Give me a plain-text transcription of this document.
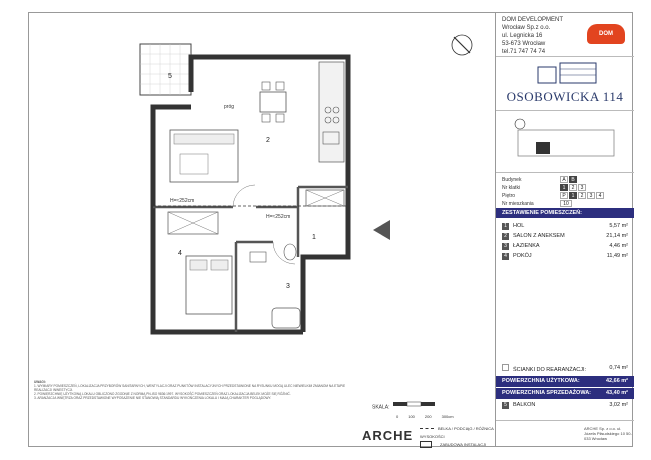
5
2
1
3
4
próg
H=≈252cm
H=≈252cm
UWAGI:
1. WYMIARY POMIESZCZEŃ, LOKALIZACJA PRZYBORÓW SANITARNYCH, WENTYLACJI ORAZ PUNKTÓW INSTALACYJNYCH PRZEDSTAWIONE NA RYSUNKU MOGĄ ULEC NIEWIELKIM ZMIANOM NA ETAPIE REALIZACJI INWESTYCJI.
2. POWIERZCHNIĘ UŻYTKOWĄ LOKALU OBLICZONO ZGODNIE Z NORMĄ PN-ISO 9836:1997. WYSOKOŚĆ POMIESZCZEŃ ORAZ LOKALIZACJA BELEK MOŻE SIĘ RÓŻNIĆ.
3. ARANŻACJA WNĘTRZA ORAZ PRZEDSTAWIONE WYPOSAŻENIE NIE STANOWIĄ STANDARDU WYKOŃCZENIA LOKALU I MAJĄ CHARAKTER POGLĄDOWY.
SKALA:
0	100	200	300cm
BELKA / PODCIĄG / RÓŻNICA WYSOKOŚCI
ZABUDOWA INSTALACJI
DOM DEVELOPMENT
Wrocław Sp.z o.o.
ul. Legnicka 16
53-673 Wrocław
tel.71 747 74 74
DOM
OSOBOWICKA 114
Budynek	A	B
Nr klatki	1	2	3
Piętro	P	1	2	3	4
Nr mieszkania	10
ZESTAWIENIE POMIESZCZEŃ:
1 HOL	5,57 m²
2 SALON Z ANEKSEM	21,14 m²
3 ŁAZIENKA	4,46 m²
4 POKÓJ	11,49 m²
ŚCIANKI DO REARANŻACJI:	0,74 m²
POWIERZCHNIA UŻYTKOWA:	42,66 m²
POWIERZCHNIA SPRZEDAŻOWA:	43,40 m²
5 BALKON	3,02 m²
ARCHE	ARCHE Sp. z o.o. ul. Józefa Piłsudskiego 10 50-033 Wrocław
